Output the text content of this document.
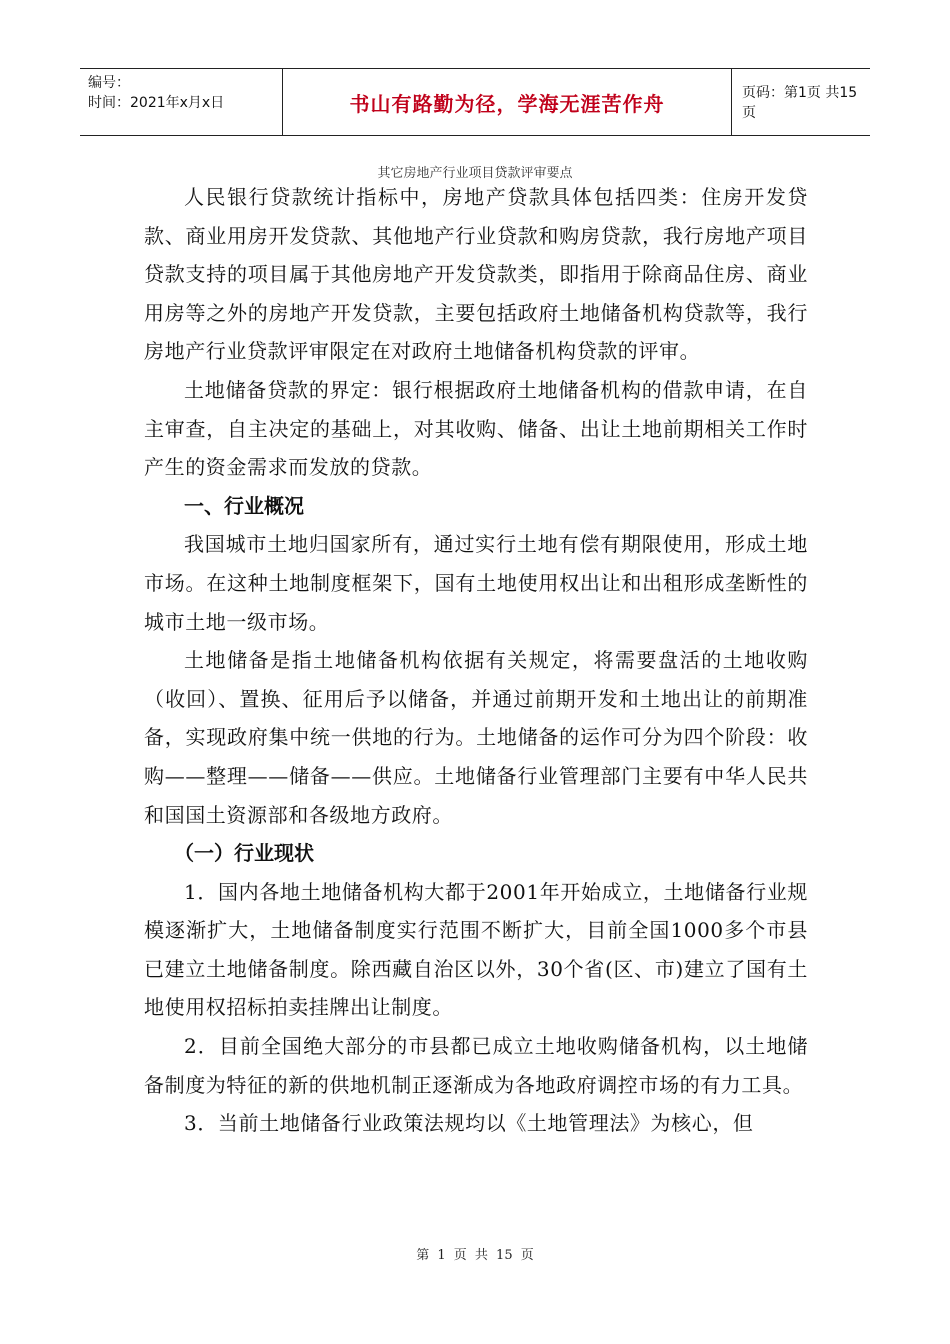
编号：
时间：2021年x月x日	书山有路勤为径，学海无涯苦作舟	页码：第1页 共15页
其它房地产行业项目贷款评审要点

人民银行贷款统计指标中，房地产贷款具体包括四类：住房开发贷款、商业用房开发贷款、其他地产行业贷款和购房贷款，我行房地产项目贷款支持的项目属于其他房地产开发贷款类，即指用于除商品住房、商业用房等之外的房地产开发贷款，主要包括政府土地储备机构贷款等，我行房地产行业贷款评审限定在对政府土地储备机构贷款的评审。

土地储备贷款的界定：银行根据政府土地储备机构的借款申请，在自主审查，自主决定的基础上，对其收购、储备、出让土地前期相关工作时产生的资金需求而发放的贷款。

一、行业概况

我国城市土地归国家所有，通过实行土地有偿有期限使用，形成土地市场。在这种土地制度框架下，国有土地使用权出让和出租形成垄断性的城市土地一级市场。

土地储备是指土地储备机构依据有关规定，将需要盘活的土地收购（收回）、置换、征用后予以储备，并通过前期开发和土地出让的前期准备，实现政府集中统一供地的行为。土地储备的运作可分为四个阶段：收购——整理——储备——供应。土地储备行业管理部门主要有中华人民共和国国土资源部和各级地方政府。

（一）行业现状

1．国内各地土地储备机构大都于2001年开始成立，土地储备行业规模逐渐扩大，土地储备制度实行范围不断扩大，目前全国1000多个市县已建立土地储备制度。除西藏自治区以外，30个省(区、市)建立了国有土地使用权招标拍卖挂牌出让制度。

2．目前全国绝大部分的市县都已成立土地收购储备机构，以土地储备制度为特征的新的供地机制正逐渐成为各地政府调控市场的有力工具。

3．当前土地储备行业政策法规均以《土地管理法》为核心，但

第 1 页 共 15 页
